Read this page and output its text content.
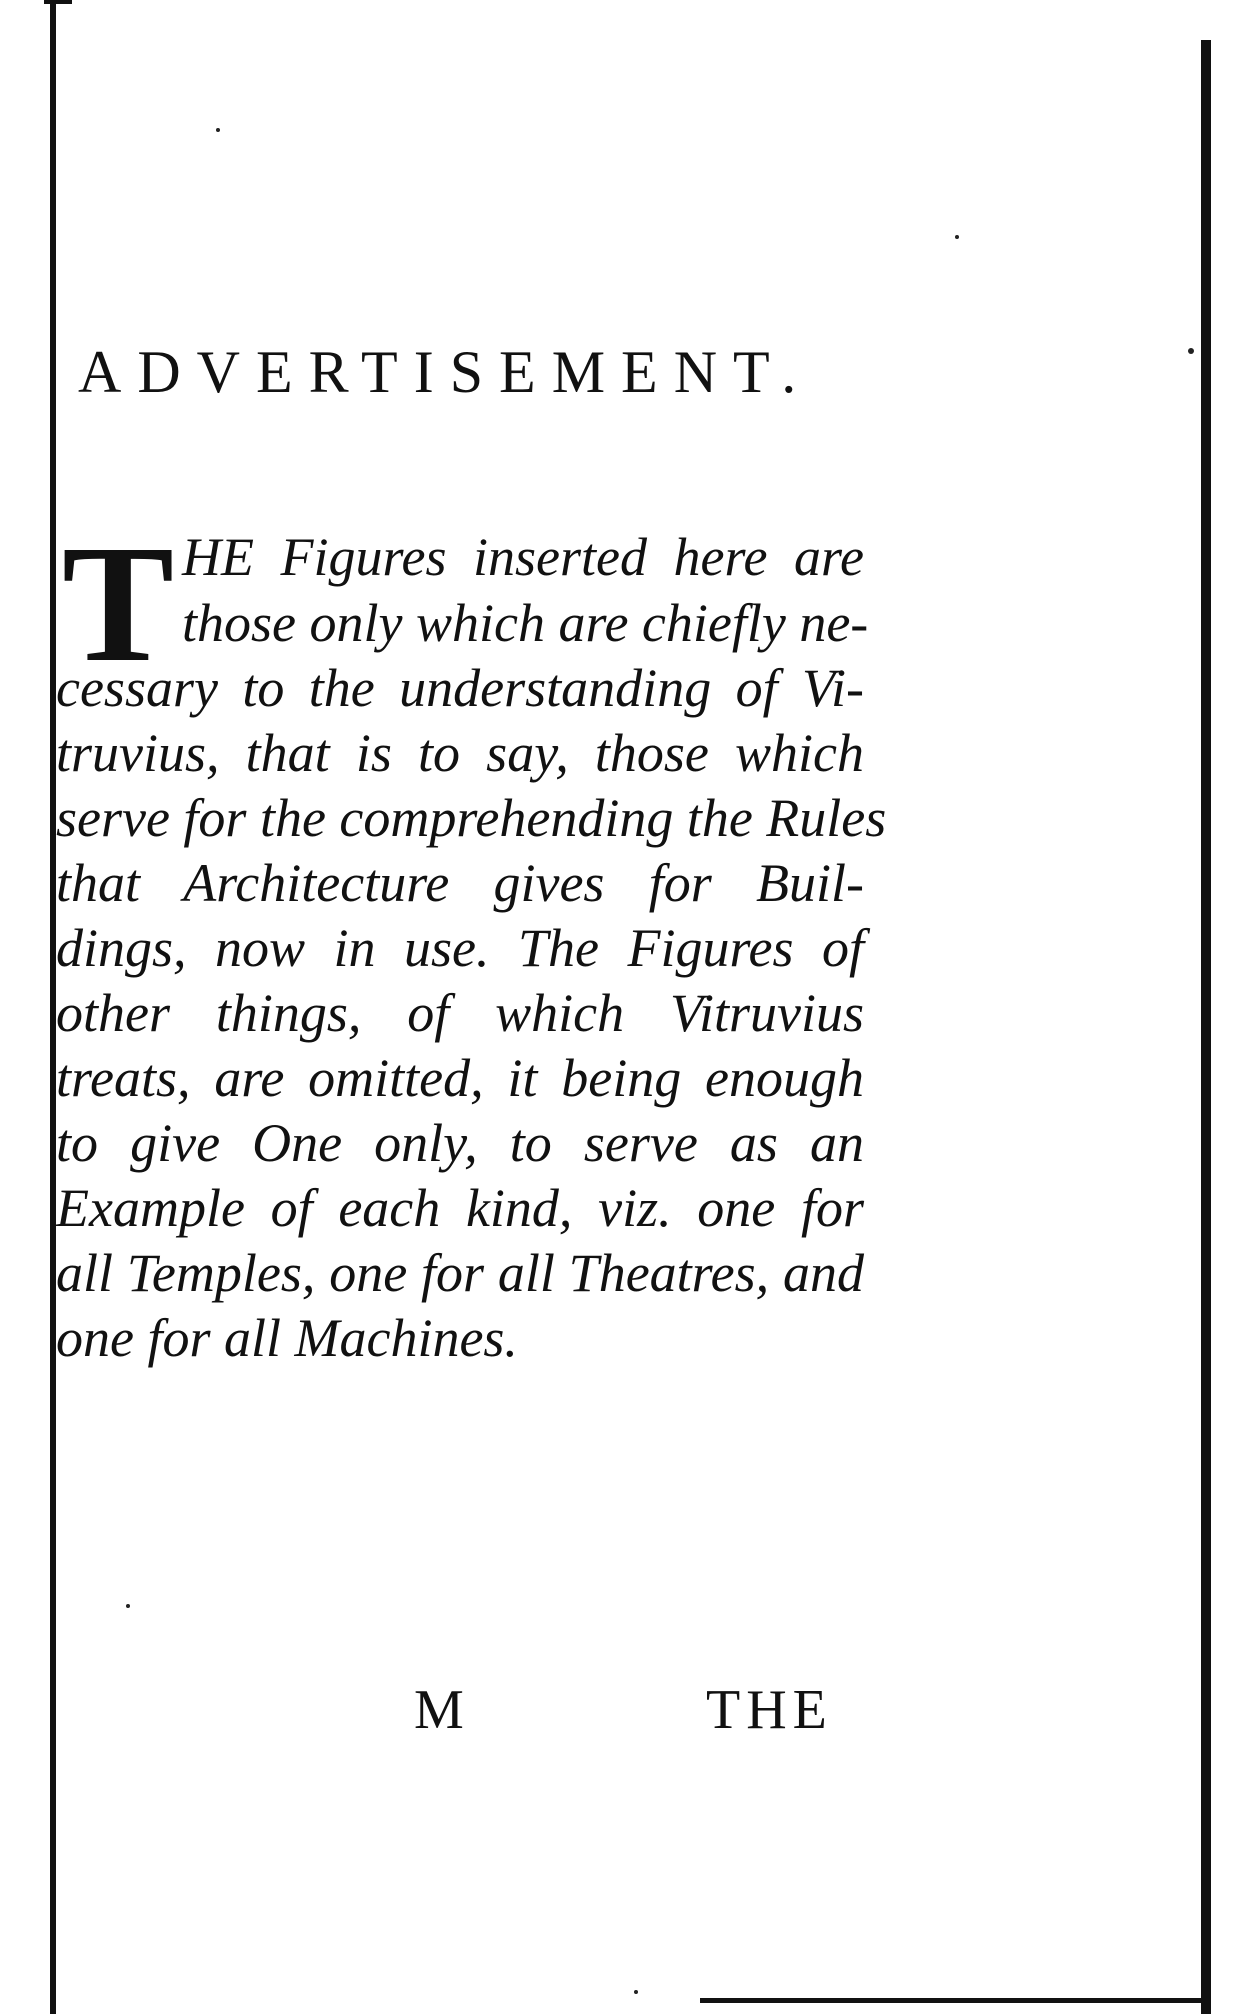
ADVERTISEMENT.
T HE Figures inserted here are
those only which are chiefly ne-
cessary to the understanding of Vi-
truvius, that is to say, those which
serve for the comprehending the Rules
that Architecture gives for Buil-
dings, now in use. The Figures of
other things, of which Vitruvius
treats, are omitted, it being enough
to give One only, to serve as an
Example of each kind, viz. one for
all Temples, one for all Theatres, and
one for all Machines.
M	THE
